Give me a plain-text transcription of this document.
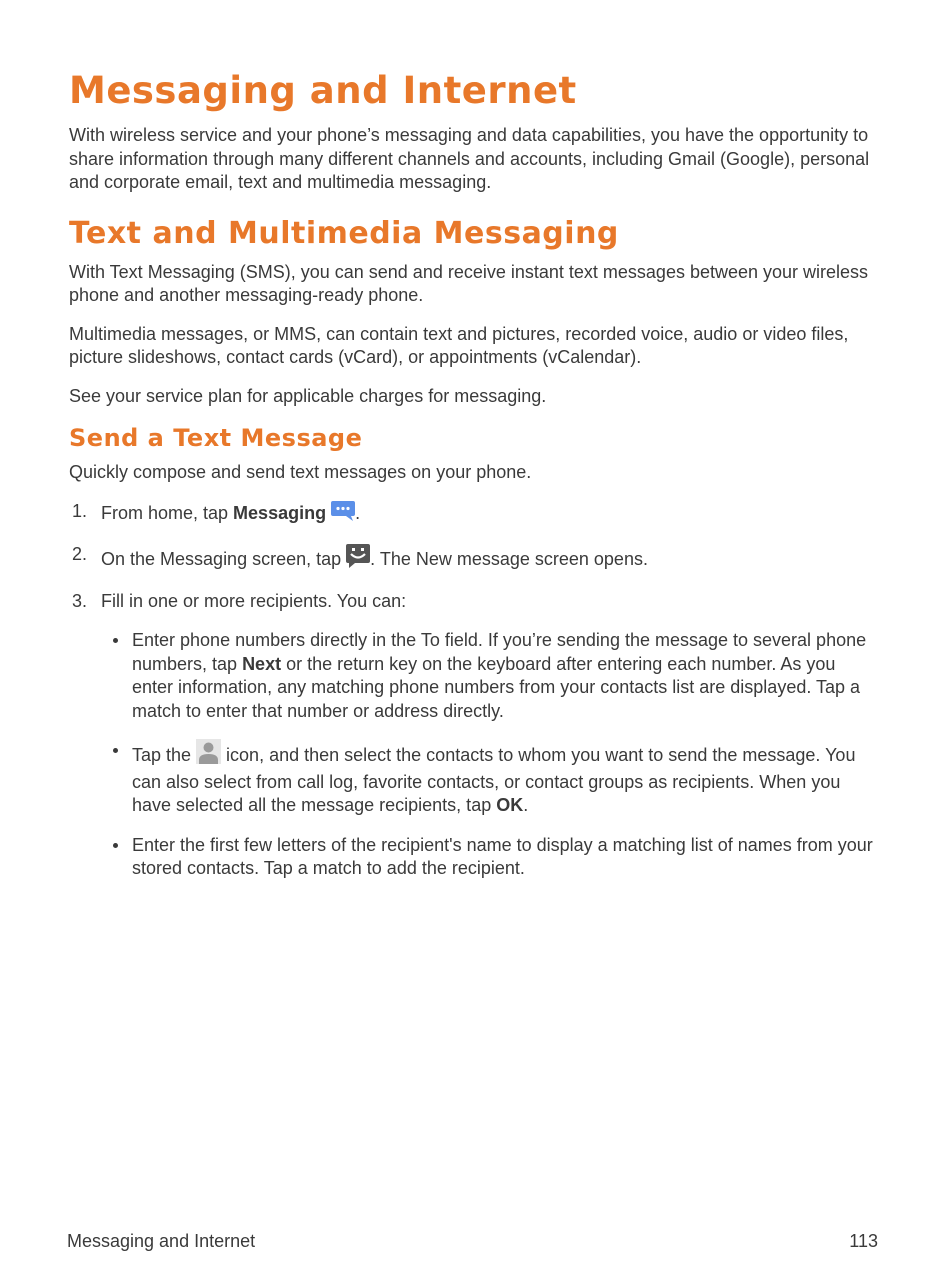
Messaging and Internet

With wireless service and your phone’s messaging and data capabilities, you have the opportunity to share information through many different channels and accounts, including Gmail (Google), personal and corporate email, text and multimedia messaging.

Text and Multimedia Messaging

With Text Messaging (SMS), you can send and receive instant text messages between your wireless phone and another messaging-ready phone.

Multimedia messages, or MMS, can contain text and pictures, recorded voice, audio or video files, picture slideshows, contact cards (vCard), or appointments (vCalendar).

See your service plan for applicable charges for messaging.

Send a Text Message

Quickly compose and send text messages on your phone.

1. From home, tap Messaging .
2. On the Messaging screen, tap . The New message screen opens.
3. Fill in one or more recipients. You can:
Enter phone numbers directly in the To field. If you’re sending the message to several phone numbers, tap Next or the return key on the keyboard after entering each number. As you enter information, any matching phone numbers from your contacts list are displayed. Tap a match to enter that number or address directly.
Tap the  icon, and then select the contacts to whom you want to send the message. You can also select from call log, favorite contacts, or contact groups as recipients. When you have selected all the message recipients, tap OK.
Enter the first few letters of the recipient's name to display a matching list of names from your stored contacts. Tap a match to add the recipient.
Messaging and Internet	113
